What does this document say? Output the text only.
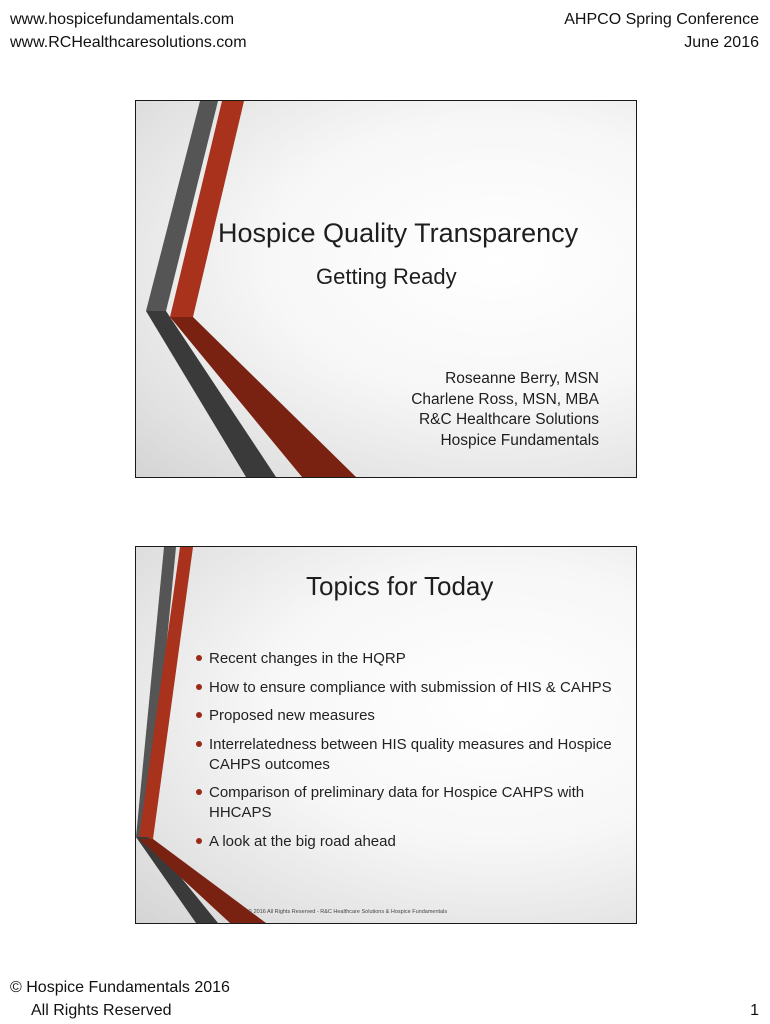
www.hospicefundamentals.com
www.RCHealthcaresolutions.com
AHPCO Spring Conference
June 2016
Hospice Quality Transparency
Getting Ready
Roseanne Berry, MSN
Charlene Ross, MSN, MBA
R&C Healthcare Solutions
Hospice Fundamentals
Topics for Today
Recent changes in the HQRP
How to ensure compliance with submission of HIS & CAHPS
Proposed new measures
Interrelatedness between HIS quality measures and Hospice CAHPS outcomes
Comparison of preliminary data for Hospice CAHPS with HHCAPS
A look at the big road ahead
© 2016 All Rights Reserved - R&C Healthcare Solutions & Hospice Fundamentals
© Hospice Fundamentals 2016
All Rights Reserved	1
